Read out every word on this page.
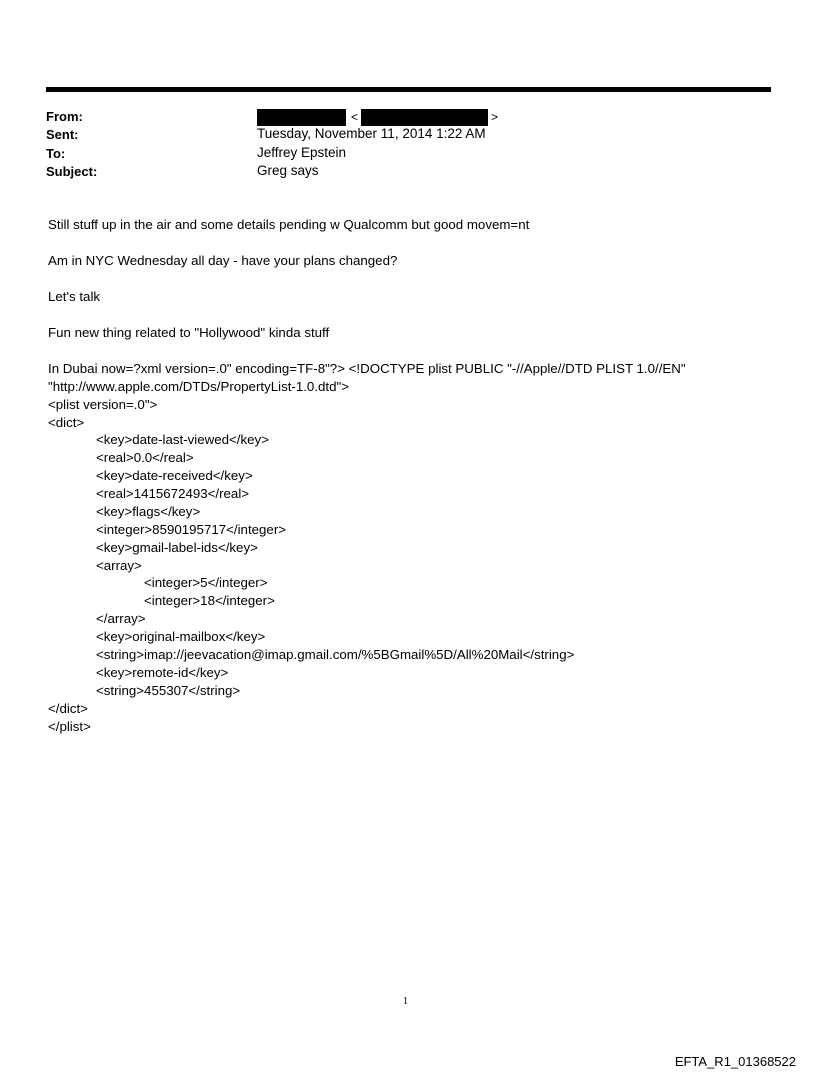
From:	<	>
Sent:	Tuesday, November 11, 2014 1:22 AM
To:	Jeffrey Epstein
Subject:	Greg says
Still stuff up in the air and some details pending w Qualcomm but good movem=nt
Am in NYC Wednesday all day - have your plans changed?
Let's talk
Fun new thing related to "Hollywood" kinda stuff
In Dubai now=?xml version=.0" encoding=TF-8"?> <!DOCTYPE plist PUBLIC "-//Apple//DTD PLIST 1.0//EN"
"http://www.apple.com/DTDs/PropertyList-1.0.dtd">
<plist version=.0">
<dict>
<key>date-last-viewed</key>
<real>0.0</real>
<key>date-received</key>
<real>1415672493</real>
<key>flags</key>
<integer>8590195717</integer>
<key>gmail-label-ids</key>
<array>
<integer>5</integer>
<integer>18</integer>
</array>
<key>original-mailbox</key>
<string>imap://jeevacation@imap.gmail.com/%5BGmail%5D/All%20Mail</string>
<key>remote-id</key>
<string>455307</string>
</dict>
</plist>
1
EFTA_R1_01368522
